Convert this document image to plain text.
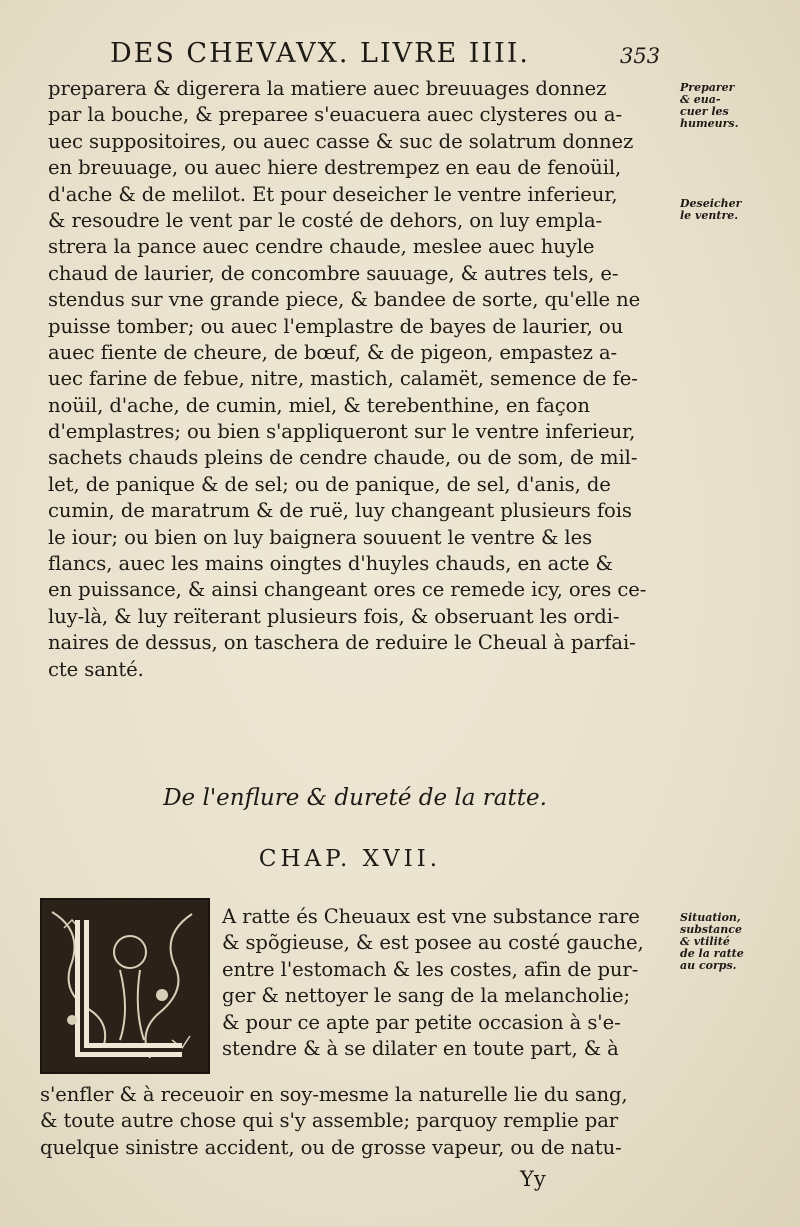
DES CHEVAVX. LIVRE IIII.	353
preparera & digerera la matiere auec breuuages donnez
par la bouche, & preparee s'euacuera auec clysteres ou a-
uec suppositoires, ou auec casse & suc de solatrum donnez
en breuuage, ou auec hiere destrempez en eau de fenoüil,
d'ache & de melilot. Et pour deseicher le ventre inferieur,
& resoudre le vent par le costé de dehors, on luy empla-
strera la pance auec cendre chaude, meslee auec huyle
chaud de laurier, de concombre sauuage, & autres tels, e-
stendus sur vne grande piece, & bandee de sorte, qu'elle ne
puisse tomber; ou auec l'emplastre de bayes de laurier, ou
auec fiente de cheure, de bœuf, & de pigeon, empastez a-
uec farine de febue, nitre, mastich, calamët, semence de fe-
noüil, d'ache, de cumin, miel, & terebenthine, en façon
d'emplastres; ou bien s'appliqueront sur le ventre inferieur,
sachets chauds pleins de cendre chaude, ou de som, de mil-
let, de panique & de sel; ou de panique, de sel, d'anis, de
cumin, de maratrum & de ruë, luy changeant plusieurs fois
le iour; ou bien on luy baignera souuent le ventre & les
flancs, auec les mains oingtes d'huyles chauds, en acte &
en puissance, & ainsi changeant ores ce remede icy, ores ce-
luy-là, & luy reïterant plusieurs fois, & obseruant les ordi-
naires de dessus, on taschera de reduire le Cheual à parfai-
cte santé.
Preparer
& eua-
cuer les
humeurs.
Deseicher
le ventre.
De l'enflure & dureté de la ratte.
CHAP. XVII.
A ratte és Cheuaux est vne substance rare
& spõgieuse, & est posee au costé gauche,
entre l'estomach & les costes, afin de pur-
ger & nettoyer le sang de la melancholie;
& pour ce apte par petite occasion à s'e-
stendre & à se dilater en toute part, & à
Situation,
substance
& vtilité
de la ratte
au corps.
s'enfler & à receuoir en soy-mesme la naturelle lie du sang,
& toute autre chose qui s'y assemble; parquoy remplie par
quelque sinistre accident, ou de grosse vapeur, ou de natu-
Yy
